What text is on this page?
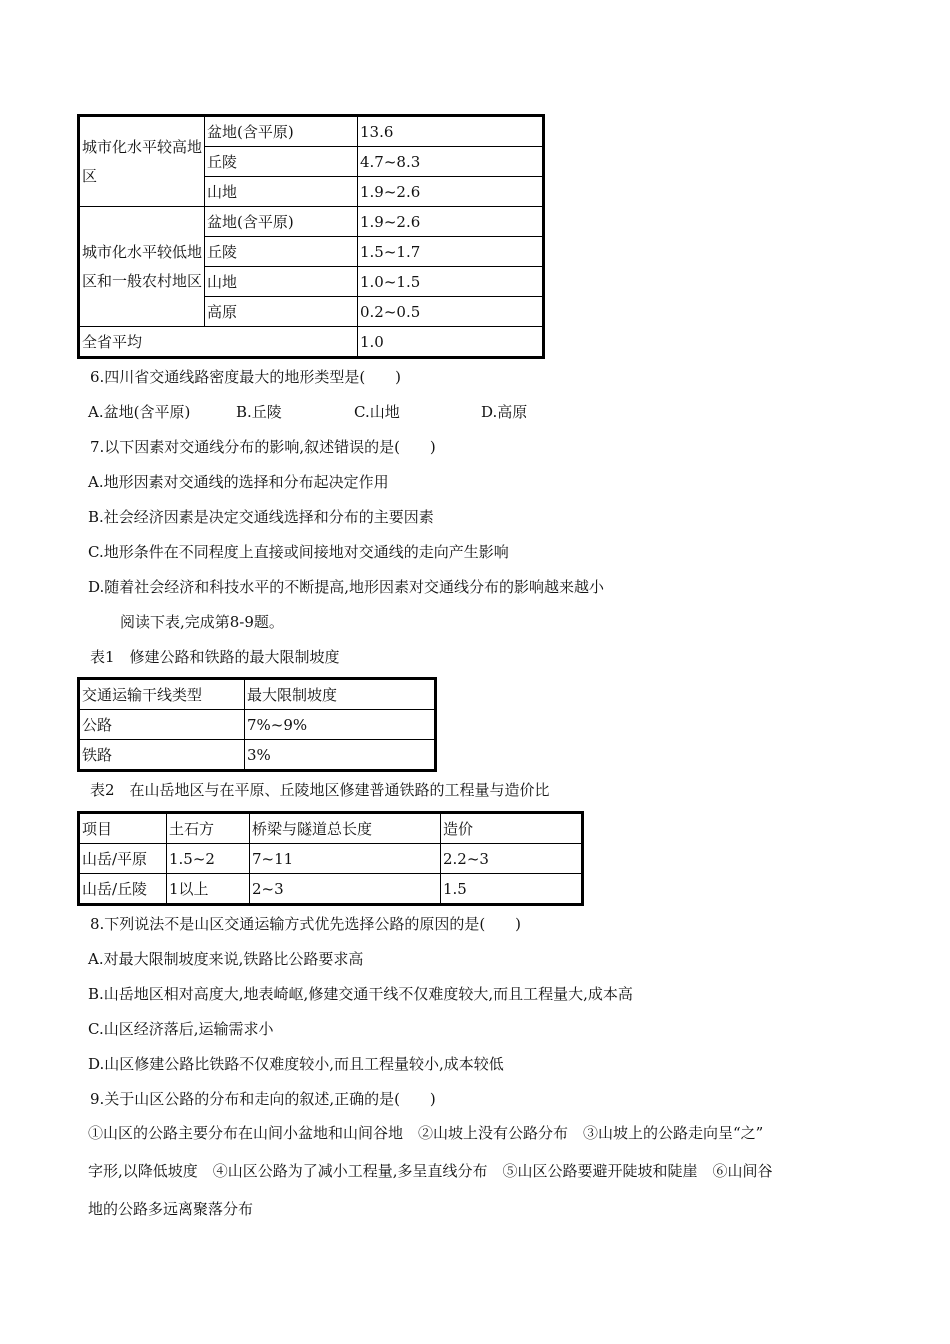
城市化水平较高地区	盆地(含平原)	13.6
	丘陵	4.7~8.3
	山地	1.9~2.6
城市化水平较低地区和一般农村地区	盆地(含平原)	1.9~2.6
	丘陵	1.5~1.7
	山地	1.0~1.5
	高原	0.2~0.5
全省平均		1.0
6.四川省交通线路密度最大的地形类型是(　　)
A.盆地(含平原)	B.丘陵	C.山地	D.高原
7.以下因素对交通线分布的影响,叙述错误的是(　　)
A.地形因素对交通线的选择和分布起决定作用
B.社会经济因素是决定交通线选择和分布的主要因素
C.地形条件在不同程度上直接或间接地对交通线的走向产生影响
D.随着社会经济和科技水平的不断提高,地形因素对交通线分布的影响越来越小
阅读下表,完成第8-9题。
表1　修建公路和铁路的最大限制坡度
交通运输干线类型	最大限制坡度
公路	7%~9%
铁路	3%
表2　在山岳地区与在平原、丘陵地区修建普通铁路的工程量与造价比
项目	土石方	桥梁与隧道总长度	造价
山岳/平原	1.5~2	7~11	2.2~3
山岳/丘陵	1以上	2~3	1.5
8.下列说法不是山区交通运输方式优先选择公路的原因的是(　　)
A.对最大限制坡度来说,铁路比公路要求高
B.山岳地区相对高度大,地表崎岖,修建交通干线不仅难度较大,而且工程量大,成本高
C.山区经济落后,运输需求小
D.山区修建公路比铁路不仅难度较小,而且工程量较小,成本较低
9.关于山区公路的分布和走向的叙述,正确的是(　　)
①山区的公路主要分布在山间小盆地和山间谷地　②山坡上没有公路分布　③山坡上的公路走向呈“之”
字形,以降低坡度　④山区公路为了减小工程量,多呈直线分布　⑤山区公路要避开陡坡和陡崖　⑥山间谷
地的公路多远离聚落分布
